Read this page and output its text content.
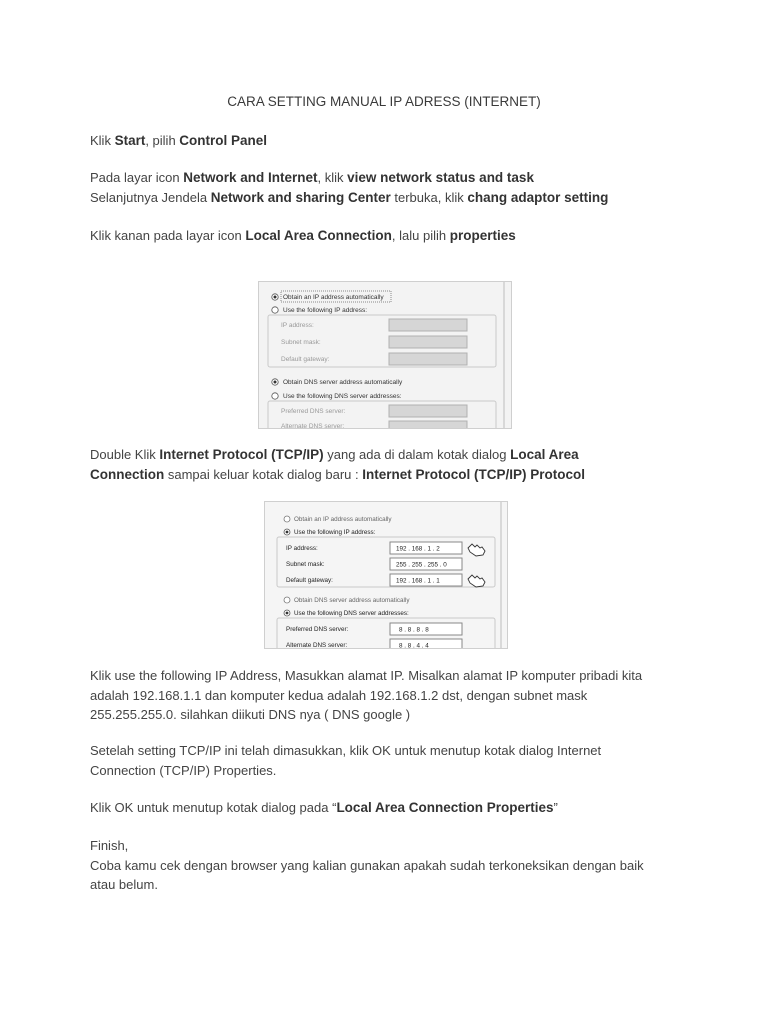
CARA SETTING MANUAL IP ADRESS (INTERNET)
Klik Start, pilih Control Panel
Pada layar icon Network and Internet, klik view network status and task
Selanjutnya Jendela Network and sharing Center terbuka, klik chang adaptor setting
Klik kanan pada layar icon Local Area Connection, lalu pilih properties
Obtain an IP address automatically
Use the following IP address:
IP address:
Subnet mask:
Default gateway:
Obtain DNS server address automatically
Use the following DNS server addresses:
Preferred DNS server:
Alternate DNS server:
Double Klik Internet Protocol (TCP/IP) yang ada di dalam kotak dialog Local Area
Connection sampai keluar kotak dialog baru : Internet Protocol (TCP/IP) Protocol
Obtain an IP address automatically
Use the following IP address:
IP address:	192 . 168 . 1 . 2
Subnet mask:	255 . 255 . 255 . 0
Default gateway:	192 . 168 . 1 . 1
Obtain DNS server address automatically
Use the following DNS server addresses:
Preferred DNS server:	8 . 8 . 8 . 8
Alternate DNS server:	8 . 8 . 4 . 4
Klik use the following IP Address, Masukkan alamat IP. Misalkan alamat IP komputer pribadi kita
adalah 192.168.1.1 dan komputer kedua adalah 192.168.1.2 dst, dengan subnet mask
255.255.255.0. silahkan diikuti DNS nya ( DNS google )
Setelah setting TCP/IP ini telah dimasukkan, klik OK untuk menutup kotak dialog Internet
Connection (TCP/IP) Properties.
Klik OK untuk menutup kotak dialog pada “Local Area Connection Properties”
Finish,
Coba kamu cek dengan browser yang kalian gunakan apakah sudah terkoneksikan dengan baik
atau belum.
